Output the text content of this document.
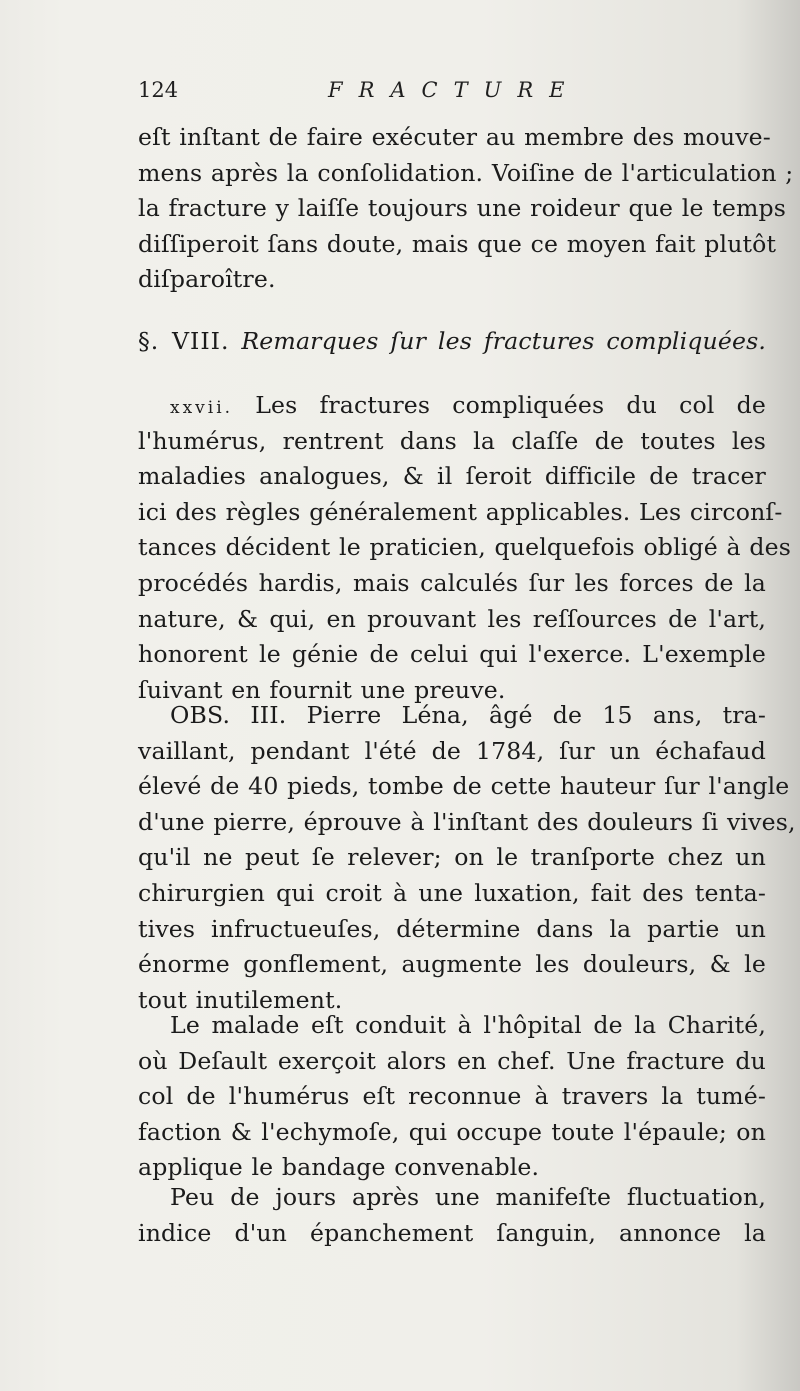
124	FRACTURE
eſt inſtant de faire exécuter au membre des mouve-
mens après la conſolidation. Voiſine de l'articulation ;
la fracture y laiſſe toujours une roideur que le temps
diſſiperoit ſans doute, mais que ce moyen fait plutôt
diſparoître.
§. VIII. Remarques ſur les fractures compliquées.
xxvii. Les fractures compliquées du col de
l'humérus, rentrent dans la claſſe de toutes les
maladies analogues, & il ſeroit difficile de tracer
ici des règles généralement applicables. Les circonſ-
tances décident le praticien, quelquefois obligé à des
procédés hardis, mais calculés ſur les forces de la
nature, & qui, en prouvant les reſſources de l'art,
honorent le génie de celui qui l'exerce. L'exemple
ſuivant en fournit une preuve.
OBS. III. Pierre Léna, âgé de 15 ans, tra-
vaillant, pendant l'été de 1784, ſur un échafaud
élevé de 40 pieds, tombe de cette hauteur ſur l'angle
d'une pierre, éprouve à l'inſtant des douleurs ſi vives,
qu'il ne peut ſe relever; on le tranſporte chez un
chirurgien qui croit à une luxation, fait des tenta-
tives infructueuſes, détermine dans la partie un
énorme gonflement, augmente les douleurs, & le
tout inutilement.
Le malade eſt conduit à l'hôpital de la Charité,
où Deſault exerçoit alors en chef. Une fracture du
col de l'humérus eſt reconnue à travers la tumé-
faction & l'echymoſe, qui occupe toute l'épaule; on
applique le bandage convenable.
Peu de jours après une manifeſte fluctuation,
indice d'un épanchement ſanguin, annonce la
